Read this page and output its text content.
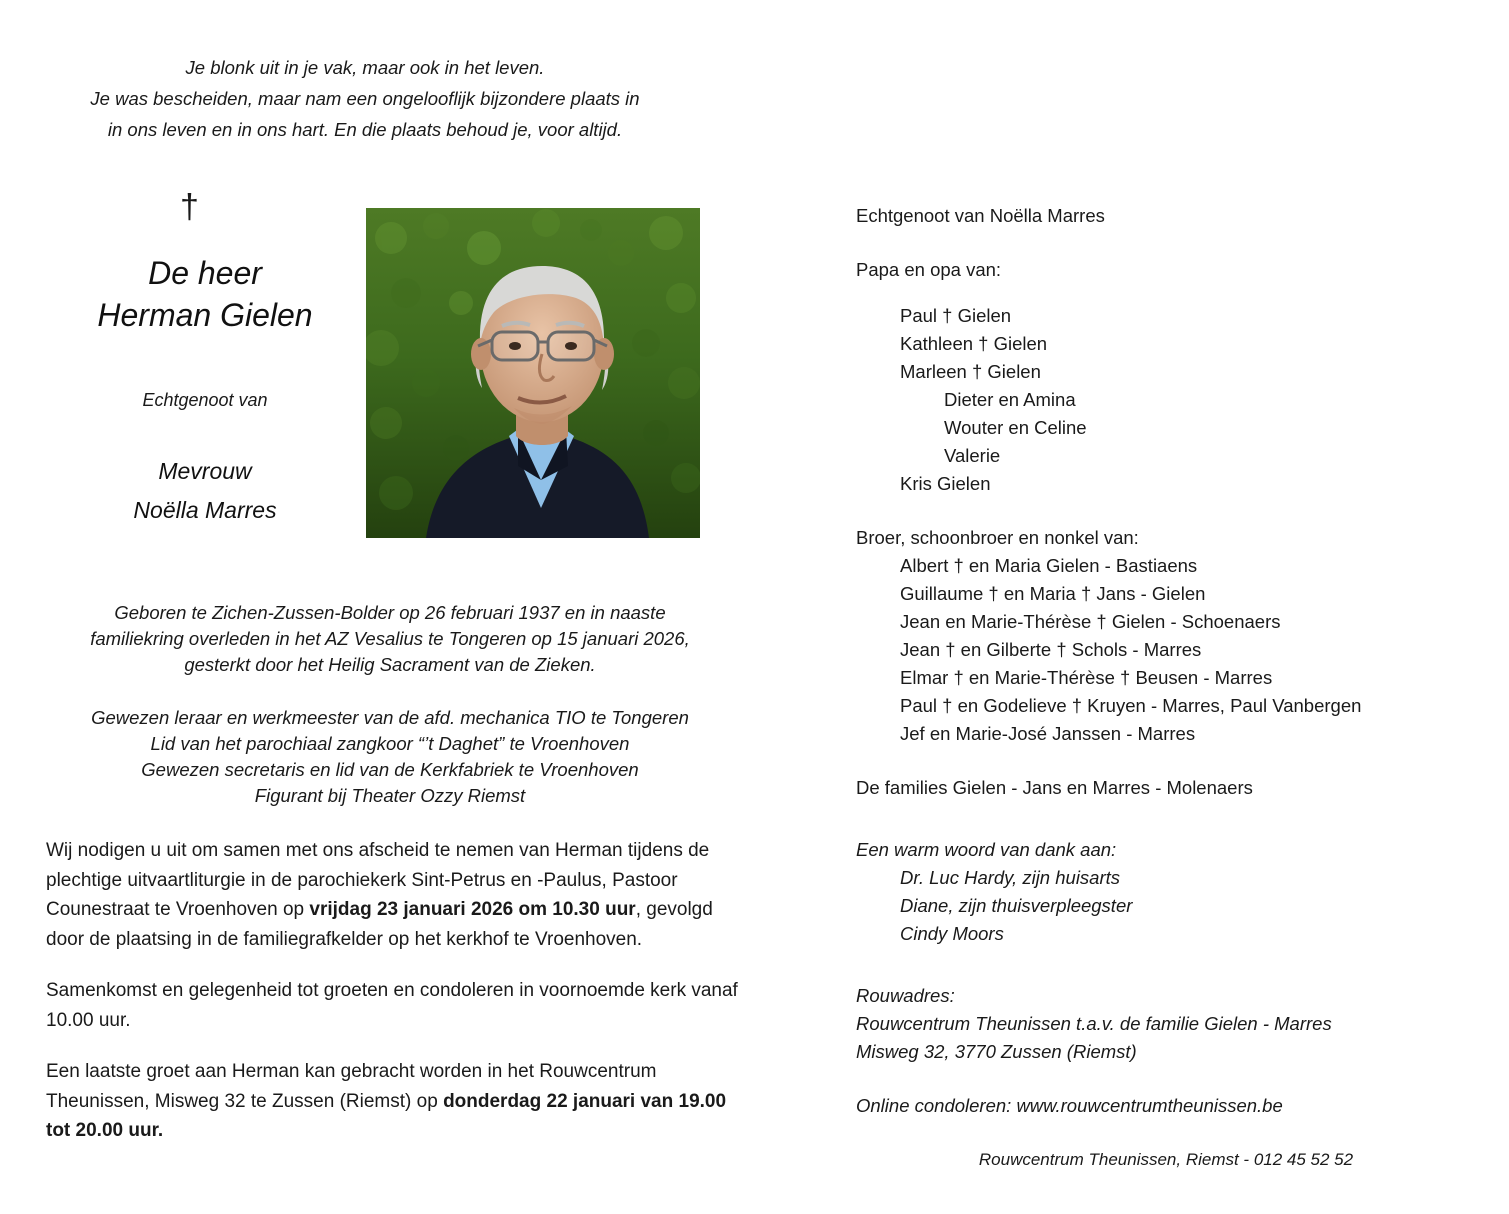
Je blonk uit in je vak, maar ook in het leven.
Je was bescheiden, maar nam een ongelooflijk bijzondere plaats in
in ons leven en in ons hart. En die plaats behoud je, voor altijd.
†
De heer
Herman Gielen
Echtgenoot van
Mevrouw
Noëlla Marres
Geboren te Zichen-Zussen-Bolder op 26 februari 1937 en in naaste
familiekring overleden in het AZ Vesalius te Tongeren op 15 januari 2026,
gesterkt door het Heilig Sacrament van de Zieken.
Gewezen leraar en werkmeester van de afd. mechanica TIO te Tongeren
Lid van het parochiaal zangkoor “’t Daghet” te Vroenhoven
Gewezen secretaris en lid van de Kerkfabriek te Vroenhoven
Figurant bij Theater Ozzy Riemst

Wij nodigen u uit om samen met ons afscheid te nemen van Herman tijdens de plechtige uitvaartliturgie in de parochiekerk Sint-Petrus en -Paulus, Pastoor Counestraat te Vroenhoven op vrijdag 23 januari 2026 om 10.30 uur, gevolgd door de plaatsing in de familiegrafkelder op het kerkhof te Vroenhoven.

Samenkomst en gelegenheid tot groeten en condoleren in voornoemde kerk vanaf 10.00 uur.

Een laatste groet aan Herman kan gebracht worden in het Rouwcentrum Theunissen, Misweg 32 te Zussen (Riemst) op donderdag 22 januari van 19.00 tot 20.00 uur.

Echtgenoot van Noëlla Marres
Papa en opa van:
Paul † Gielen
Kathleen † Gielen
Marleen † Gielen
Dieter en Amina
Wouter en Celine
Valerie
Kris Gielen
Broer, schoonbroer en nonkel van:
Albert † en Maria Gielen - Bastiaens
Guillaume † en Maria † Jans - Gielen
Jean en Marie-Thérèse † Gielen - Schoenaers
Jean † en Gilberte † Schols - Marres
Elmar † en Marie-Thérèse † Beusen - Marres
Paul † en Godelieve † Kruyen - Marres, Paul Vanbergen
Jef en Marie-José Janssen - Marres
De families Gielen - Jans en Marres - Molenaers
Een warm woord van dank aan:
Dr. Luc Hardy, zijn huisarts
Diane, zijn thuisverpleegster
Cindy Moors
Rouwadres:
Rouwcentrum Theunissen t.a.v. de familie Gielen - Marres
Misweg 32, 3770 Zussen (Riemst)
Online condoleren: www.rouwcentrumtheunissen.be
Rouwcentrum Theunissen, Riemst - 012 45 52 52
